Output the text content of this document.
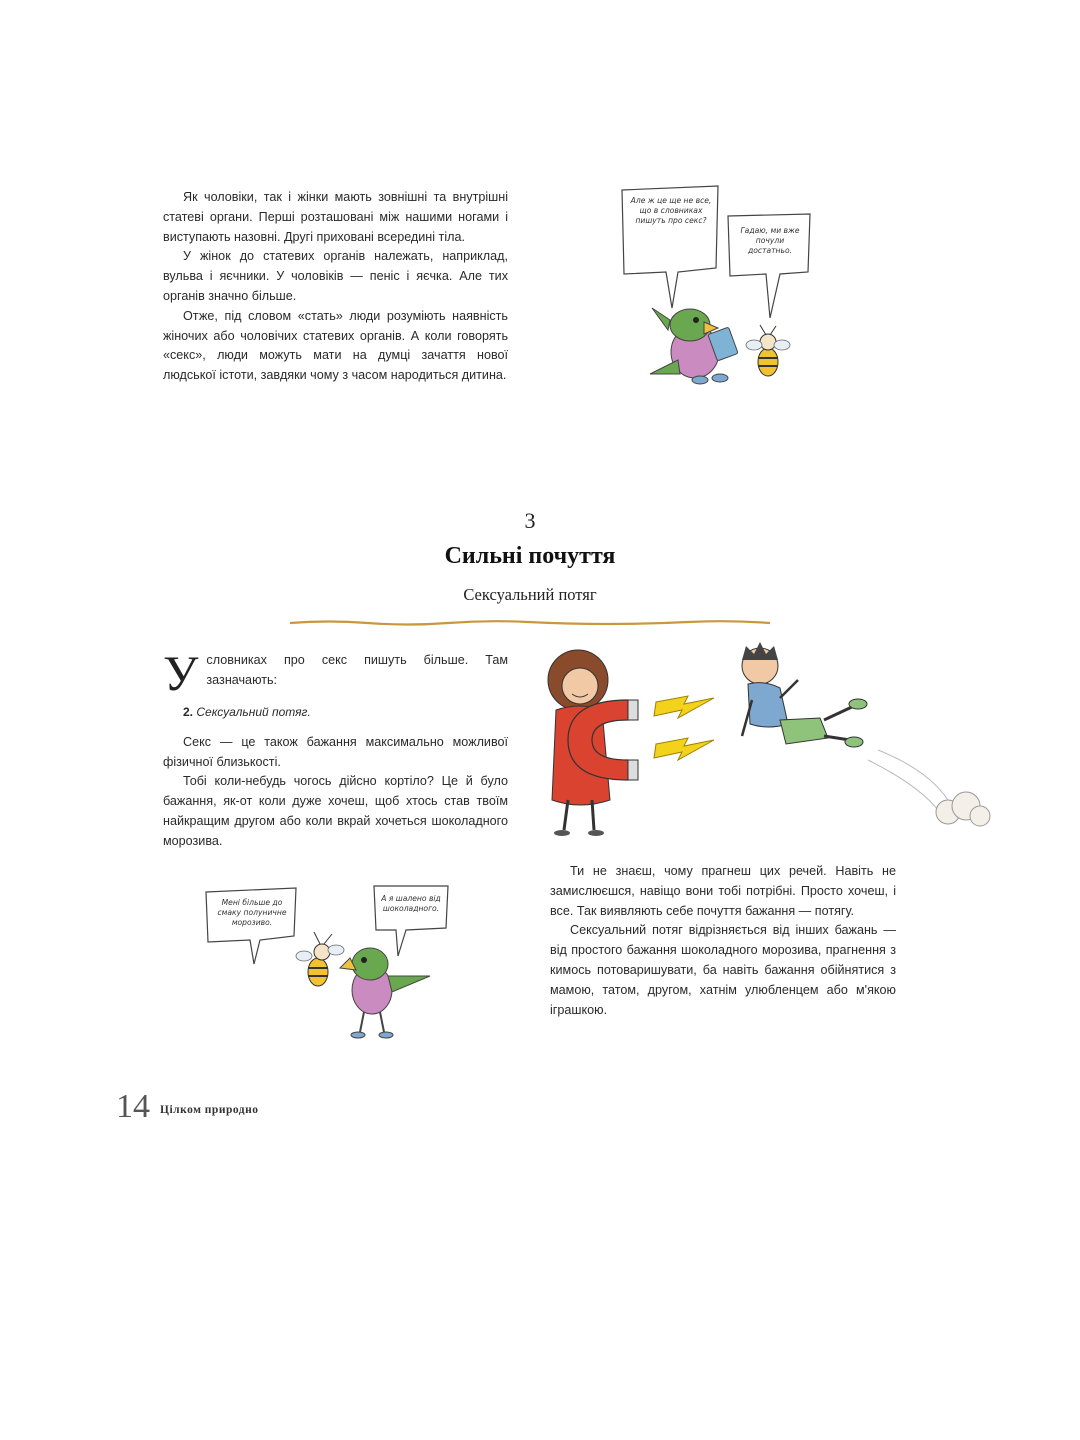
Як чоловіки, так і жінки мають зовнішні та внутрішні статеві органи. Перші розташовані між нашими ногами і виступають назовні. Другі приховані всередині тіла.

У жінок до статевих органів належать, наприклад, вульва і яєчники. У чоловіків — пеніс і яєчка. Але тих органів значно більше.

Отже, під словом «стать» люди розуміють наявність жіночих або чоловічих статевих органів. А коли говорять «секс», люди можуть мати на думці зачаття нової людської істоти, завдяки чому з часом народиться дитина.

Але ж це ще не все, що в словниках пишуть про секс?
Гадаю, ми вже почули достатньо.
3
Сильні почуття
Сексуальний потяг
У словниках про секс пишуть більше. Там зазначають:

2. Сексуальний потяг.

Секс — це також бажання максимально можливої фізичної близькості.

Тобі коли-небудь чогось дійсно кортіло? Це й було бажання, як-от коли дуже хочеш, щоб хтось став твоїм найкращим другом або коли вкрай хочеться шоколадного морозива.

Мені більше до смаку полуничне морозиво.
А я шалено від шоколадного.

Ти не знаєш, чому прагнеш цих речей. Навіть не замислюєшся, навіщо вони тобі потрібні. Просто хочеш, і все. Так виявляють себе почуття бажання — потягу.

Сексуальний потяг відрізняється від інших бажань — від простого бажання шоколадного морозива, прагнення з кимось потоваришувати, ба навіть бажання обійнятися з мамою, татом, другом, хатнім улюбленцем або м'якою іграшкою.

14 Цілком природно
